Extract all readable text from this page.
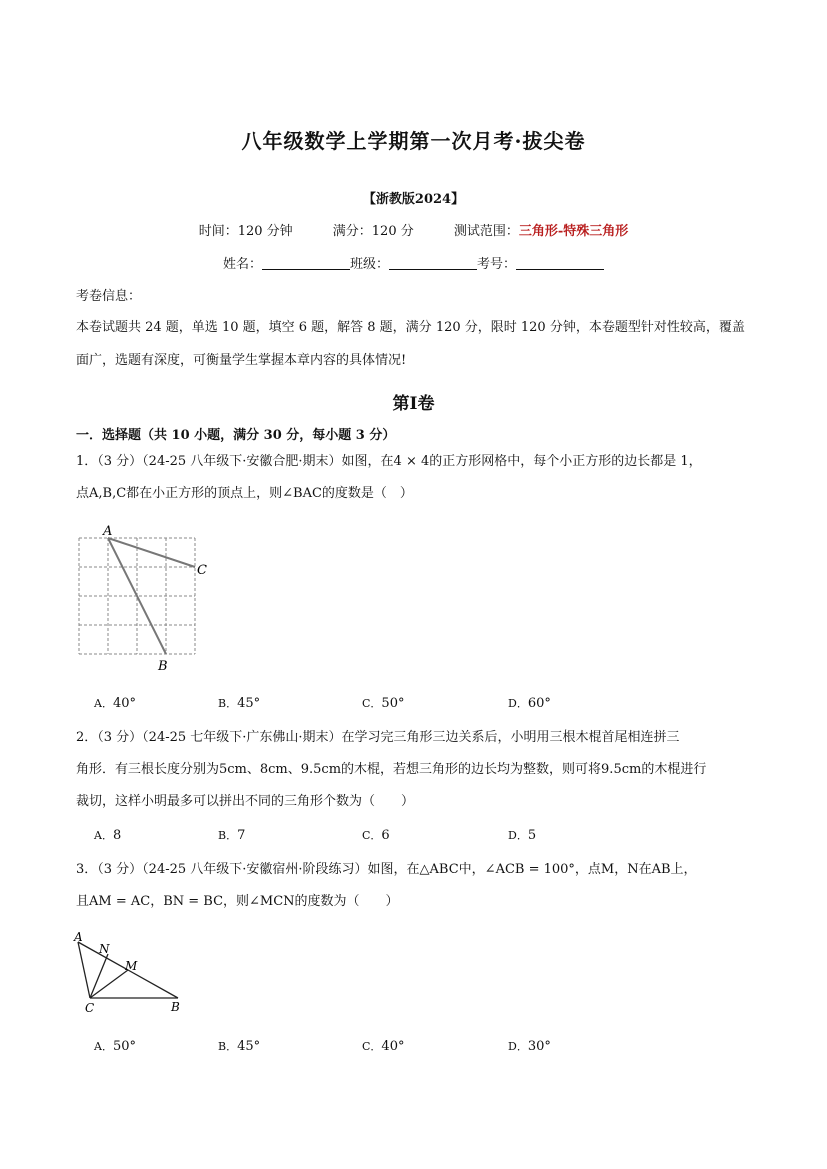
八年级数学上学期第一次月考·拔尖卷
【浙教版2024】
时间：120 分钟	满分：120 分	测试范围：三角形-特殊三角形
姓名：	班级：	考号：
考卷信息：
本卷试题共 24 题，单选 10 题，填空 6 题，解答 8 题，满分 120 分，限时 120 分钟，本卷题型针对性较高，覆盖
面广，选题有深度，可衡量学生掌握本章内容的具体情况!
第Ⅰ卷
一．选择题（共 10 小题，满分 30 分，每小题 3 分）
1．（3 分）（24-25 八年级下·安徽合肥·期末）如图，在4 × 4的正方形网格中，每个小正方形的边长都是 1，
点A,B,C都在小正方形的顶点上，则∠BAC的度数是（　）
A
B
C
A．40°	B．45°	C．50°	D．60°
2．（3 分）（24-25 七年级下·广东佛山·期末）在学习完三角形三边关系后，小明用三根木棍首尾相连拼三
角形．有三根长度分别为5cm、8cm、9.5cm的木棍，若想三角形的边长均为整数，则可将9.5cm的木棍进行
裁切，这样小明最多可以拼出不同的三角形个数为（　　）
A．8	B．7	C．6	D．5
3．（3 分）（24-25 八年级下·安徽宿州·阶段练习）如图，在△ABC中，∠ACB = 100°，点M，N在AB上，
且AM = AC，BN = BC，则∠MCN的度数为（　　）
A
N
M
C	B
A．50°	B．45°	C．40°	D．30°
